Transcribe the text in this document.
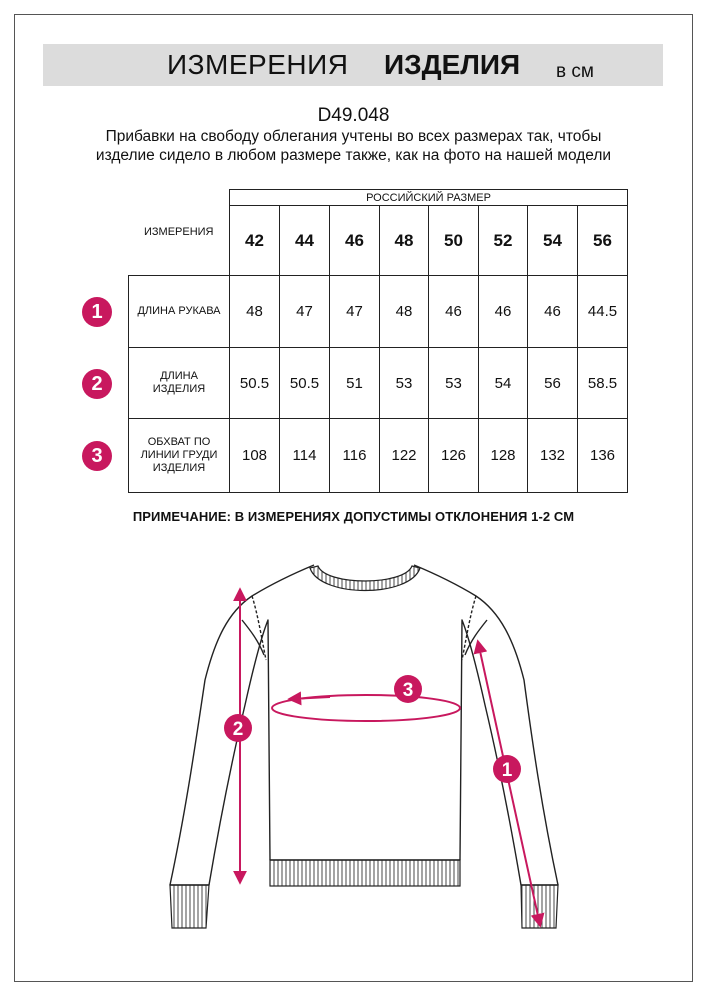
ИЗМЕРЕНИЯ ИЗДЕЛИЯ в см
D49.048
Прибавки на свободу облегания учтены во всех размерах так, чтобы изделие сидело в любом размере также, как на фото на нашей модели
ИЗМЕРЕНИЯ	РОССИЙСКИЙ РАЗМЕР							
	42	44	46	48	50	52	54	56
ДЛИНА РУКАВА	48	47	47	48	46	46	46	44.5
ДЛИНА ИЗДЕЛИЯ	50.5	50.5	51	53	53	54	56	58.5
ОБХВАТ ПО ЛИНИИ ГРУДИ ИЗДЕЛИЯ	108	114	116	122	126	128	132	136
1
2
3
ПРИМЕЧАНИЕ: В ИЗМЕРЕНИЯХ ДОПУСТИМЫ ОТКЛОНЕНИЯ 1-2 СМ
2
3
1
